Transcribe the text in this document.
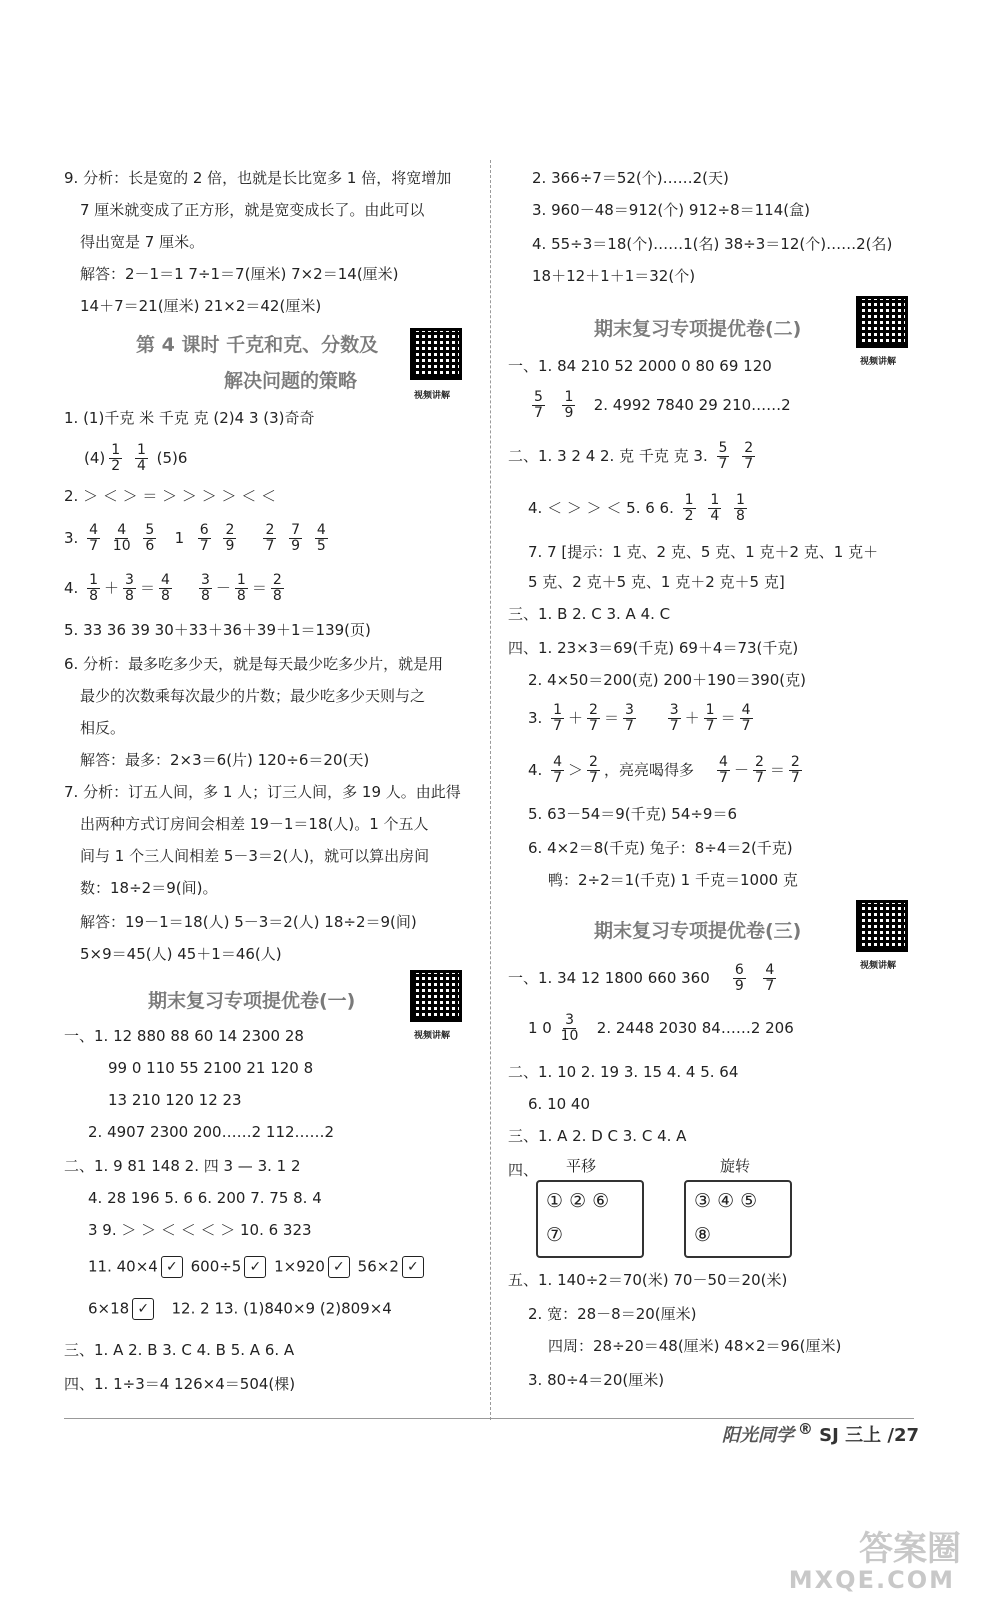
9. 分析：长是宽的 2 倍，也就是长比宽多 1 倍，将宽增加
7 厘米就变成了正方形，就是宽变成长了。由此可以
得出宽是 7 厘米。
解答：2－1＝1 7÷1＝7(厘米) 7×2＝14(厘米)
14＋7＝21(厘米) 21×2＝42(厘米)
第 4 课时 千克和克、分数及
解决问题的策略
视频讲解
1. (1)千克 米 千克 克 (2)4 3 (3)奇奇
$(4) \frac{1}{2}$
$\frac{1}{4} (5)6$
2. ＞ ＜ ＞ ＝ ＞ ＞ ＞ ＞ ＜ ＜
3. $\frac{4}{7}$
$\frac{4}{10}$
$\frac{5}{6} 1 \frac{6}{7}$
$\frac{2}{9}$
$\frac{2}{7}$
$\frac{7}{9}$
$\frac{4}{5}$
4. $\frac{1}{8} + \frac{3}{8} = \frac{4}{8}$
$\frac{3}{8} - \frac{1}{8} = \frac{2}{8}$
5. 33 36 39 30＋33＋36＋39＋1＝139(页)
6. 分析：最多吃多少天，就是每天最少吃多少片，就是用
最少的次数乘每次最少的片数；最少吃多少天则与之
相反。
解答：最多：2×3＝6(片) 120÷6＝20(天)
7. 分析：订五人间，多 1 人；订三人间，多 19 人。由此得
出两种方式订房间会相差 19－1＝18(人)。1 个五人
间与 1 个三人间相差 5－3＝2(人)，就可以算出房间
数：18÷2＝9(间)。
解答：19－1＝18(人) 5－3＝2(人) 18÷2＝9(间)
5×9＝45(人) 45＋1＝46(人)
期末复习专项提优卷(一)
视频讲解
一、1. 12 880 88 60 14 2300 28
99 0 110 55 2100 21 120 8
13 210 120 12 23
2. 4907 2300 200……2 112……2
二、1. 9 81 148 2. 四 3 — 3. 1 2
4. 28 196 5. 6 6. 200 7. 75 8. 4
3 9. ＞ ＞ ＜ ＜ ＜ ＞ 10. 6 323
11. 40×4 ✓ 600÷5 ✓ 1×920 ✓ 56×2 ✓
6×18 ✓ 12. 2 13. (1)840×9 (2)809×4
三、1. A 2. B 3. C 4. B 5. A 6. A
四、1. 1÷3＝4 126×4＝504(棵)
2. 366÷7＝52(个)……2(天)
3. 960－48＝912(个) 912÷8＝114(盒)
4. 55÷3＝18(个)……1(名) 38÷3＝12(个)……2(名)
18＋12＋1＋1＝32(个)
期末复习专项提优卷(二)
视频讲解
一、1. 84 210 52 2000 0 80 69 120
$\frac{5}{7}$
$\frac{1}{9} 2$. 4992 7840 29 210……2
二、1. 3 2 4 2. 克 千克 克 3. $\frac{5}{7}$
$\frac{2}{7}$
4. ＜ ＞ ＞ ＜ 5. 6 6. $\frac{1}{2}$
$\frac{1}{4}$
$\frac{1}{8}$
7. 7 [提示：1 克、2 克、5 克、1 克＋2 克、1 克＋
5 克、2 克＋5 克、1 克＋2 克＋5 克]
三、1. B 2. C 3. A 4. C
四、1. 23×3＝69(千克) 69＋4＝73(千克)
2. 4×50＝200(克) 200＋190＝390(克)
3. $\frac{1}{7} + \frac{2}{7} = \frac{3}{7}$
$\frac{3}{7} + \frac{1}{7} = \frac{4}{7}$
4. $\frac{4}{7} > \frac{2}{7}$ ，亮亮喝得多 $\frac{4}{7} - \frac{2}{7} = \frac{2}{7}$
5. 63－54＝9(千克) 54÷9＝6
6. 4×2＝8(千克) 兔子：8÷4＝2(千克)
鸭：2÷2＝1(千克) 1 千克＝1000 克
期末复习专项提优卷(三)
视频讲解
一、1. 34 12 1800 660 $360 \frac{6}{9}$
$\frac{4}{7}$
1 $0 \frac{3}{10} 2$. 2448 2030 84……2 206
二、1. 10 2. 19 3. 15 4. 4 5. 64
6. 10 40
三、1. A 2. D C 3. C 4. A
四、 平移	旋转
① ② ⑥
⑦
③ ④ ⑤
⑧
五、1. 140÷2＝70(米) 70－50＝20(米)
2. 宽：28－8＝20(厘米)
四周：28÷20＝48(厘米) 48×2＝96(厘米)
3. 80÷4＝20(厘米)
阳光同学 ® SJ 三上 /27
答案圈
MXQE.COM
